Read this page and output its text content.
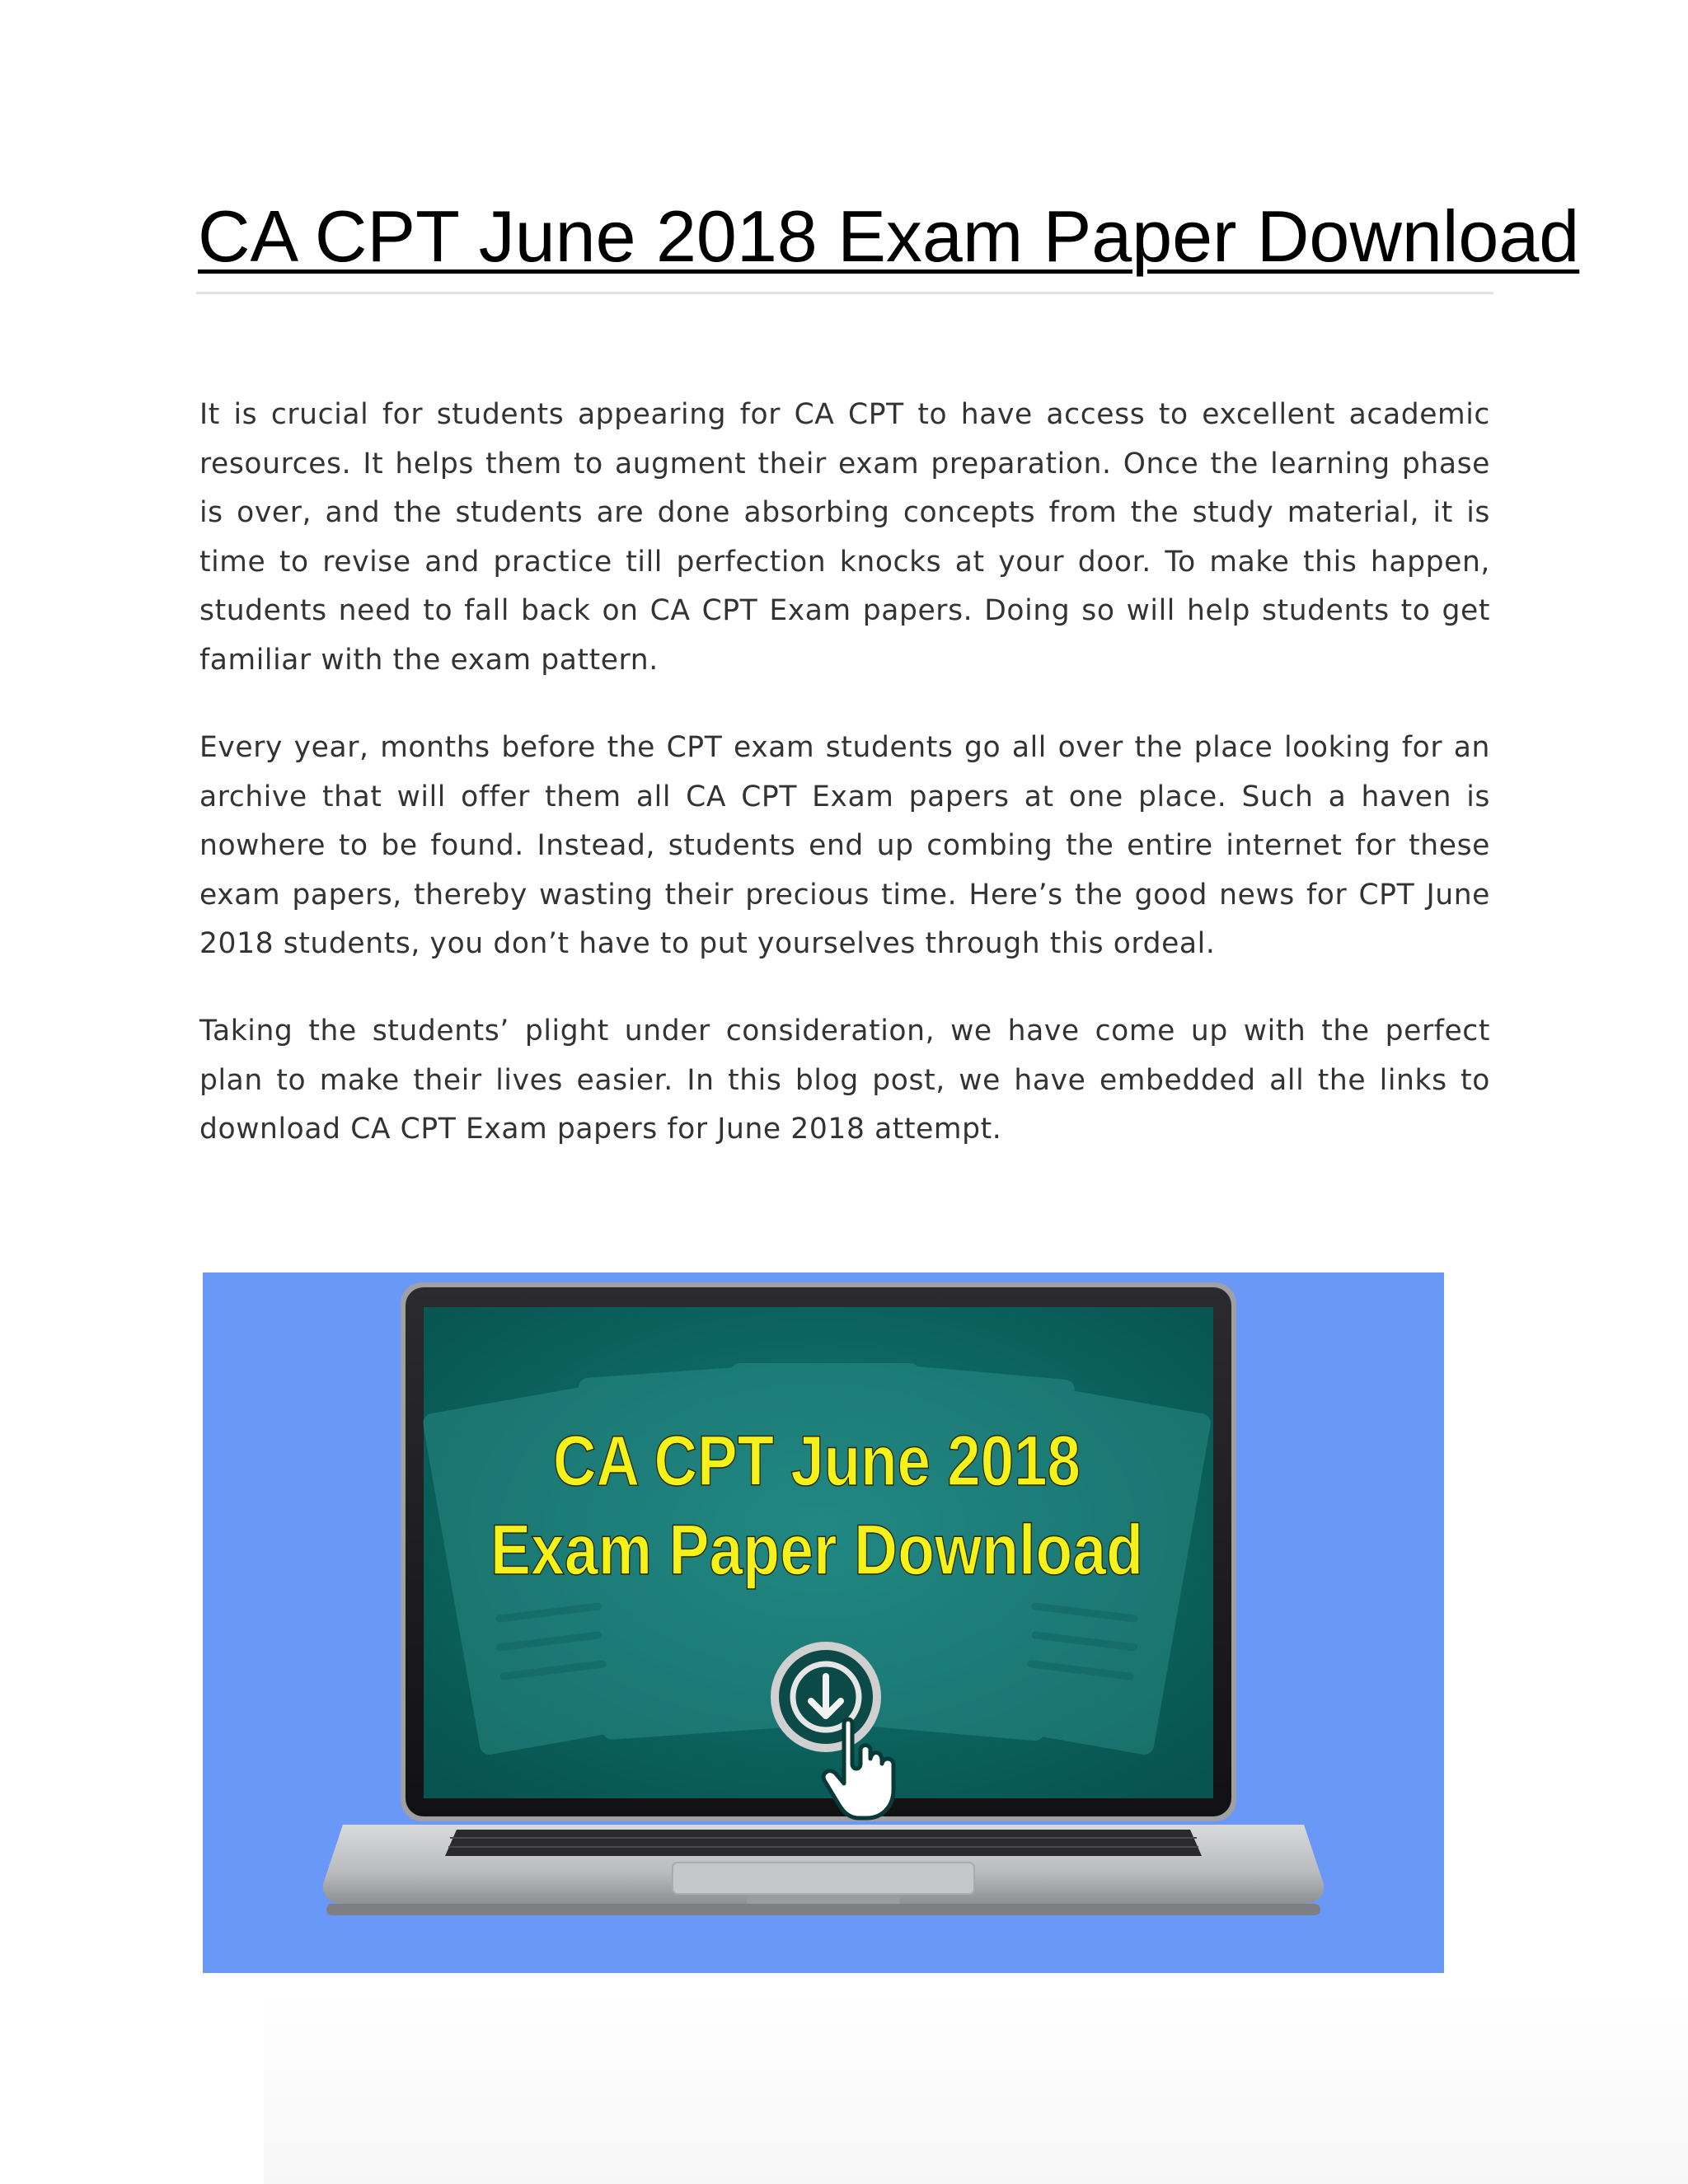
CA CPT June 2018 Exam Paper Download

It is crucial for students appearing for CA CPT to have access to excellent academic resources. It helps them to augment their exam preparation. Once the learning phase is over, and the students are done absorbing concepts from the study material, it is time to revise and practice till perfection knocks at your door. To make this happen, students need to fall back on CA CPT Exam papers. Doing so will help students to get familiar with the exam pattern.

Every year, months before the CPT exam students go all over the place looking for an archive that will offer them all CA CPT Exam papers at one place. Such a haven is nowhere to be found. Instead, students end up combing the entire internet for these exam papers, thereby wasting their precious time. Here’s the good news for CPT June 2018 students, you don’t have to put yourselves through this ordeal.

Taking the students’ plight under consideration, we have come up with the perfect plan to make their lives easier. In this blog post, we have embedded all the links to download CA CPT Exam papers for June 2018 attempt.

CA CPT June 2018
Exam Paper Download
